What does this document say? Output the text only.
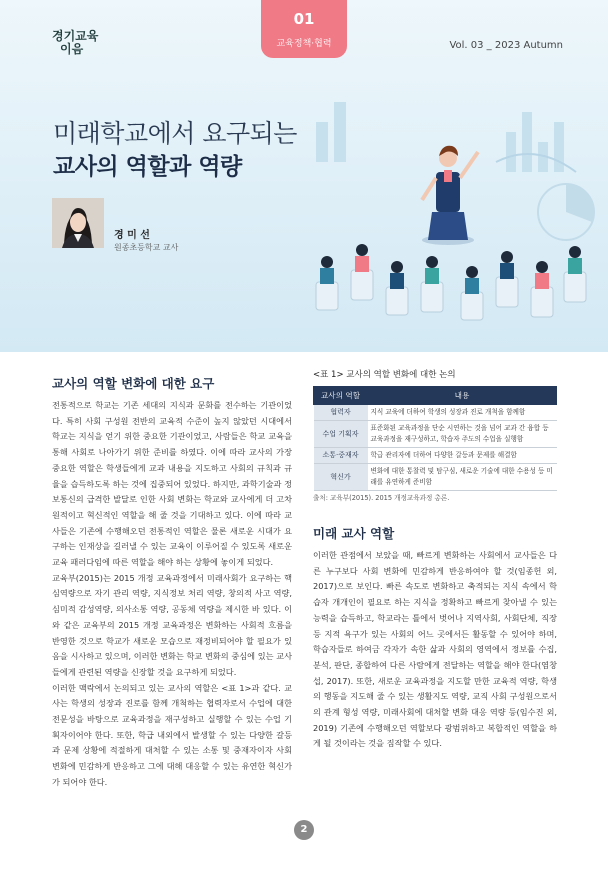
경기교육
이음
01
교육정책·협력	Vol. 03 _ 2023 Autumn
미래학교에서 요구되는
교사의 역할과 역량
경 미 선
원종초등학교 교사
교사의 역할 변화에 대한 요구

전통적으로 학교는 기존 세대의 지식과 문화를 전수하는 기관이었다. 특히 사회 구성원 전반의 교육적 수준이 높지 않았던 시대에서 학교는 지식을 얻기 위한 중요한 기관이었고, 사람들은 학교 교육을 통해 사회로 나아가기 위한 준비를 하였다. 이에 따라 교사의 가장 중요한 역할은 학생들에게 교과 내용을 지도하고 사회의 규칙과 규율을 습득하도록 하는 것에 집중되어 있었다. 하지만, 과학기술과 정보통신의 급격한 발달로 인한 사회 변화는 학교와 교사에게 더 고차원적이고 혁신적인 역할을 해 줄 것을 기대하고 있다. 이에 따라 교사들은 기존에 수행해오던 전통적인 역할은 물론 새로운 시대가 요구하는 인재상을 길러낼 수 있는 교육이 이루어질 수 있도록 새로운 교육 패러다임에 따른 역할을 해야 하는 상황에 놓이게 되었다.

교육부(2015)는 2015 개정 교육과정에서 미래사회가 요구하는 핵심역량으로 자기 관리 역량, 지식정보 처리 역량, 창의적 사고 역량, 심미적 감성역량, 의사소통 역량, 공동체 역량을 제시한 바 있다. 이와 같은 교육부의 2015 개정 교육과정은 변화하는 사회적 흐름을 반영한 것으로 학교가 새로운 모습으로 재정비되어야 할 필요가 있음을 시사하고 있으며, 이러한 변화는 학교 변화의 중심에 있는 교사들에게 관련된 역량을 신장할 것을 요구하게 되었다.

이러한 맥락에서 논의되고 있는 교사의 역할은 <표 1>과 같다. 교사는 학생의 성장과 진로를 함께 개척하는 협력자로서 수업에 대한 전문성을 바탕으로 교육과정을 재구성하고 실행할 수 있는 수업 기획자이어야 한다. 또한, 학급 내외에서 발생할 수 있는 다양한 갈등과 문제 상황에 적절하게 대처할 수 있는 소통 및 중재자이자 사회 변화에 민감하게 반응하고 그에 대해 대응할 수 있는 유연한 혁신가가 되어야 한다.

<표 1> 교사의 역할 변화에 대한 논의
교사의 역할	내용
협력자	지식 교육에 더하여 학생의 성장과 진로 개척을 함께함
수업 기획자	표준화된 교육과정을 단순 시연하는 것을 넘어 교과 간 융합 등 교육과정을 재구성하고, 학습자 주도의 수업을 실행함
소통·중재자	학급 관리자에 더하여 다양한 갈등과 문제를 해결함
혁신가	변화에 대한 통찰력 및 탐구심, 새로운 기술에 대한 수용성 등 미래를 유연하게 준비함
출처: 교육부(2015). 2015 개정교육과정 총론.
미래 교사 역할

이러한 관점에서 보았을 때, 빠르게 변화하는 사회에서 교사들은 다른 누구보다 사회 변화에 민감하게 반응하여야 할 것(임종헌 외, 2017)으로 보인다. 빠른 속도로 변화하고 축적되는 지식 속에서 학습자 개개인이 필요로 하는 지식을 정확하고 빠르게 찾아낼 수 있는 능력을 습득하고, 학교라는 틀에서 벗어나 지역사회, 사회단체, 직장 등 지적 욕구가 있는 사회의 어느 곳에서든 활동할 수 있어야 하며, 학습자들로 하여금 각자가 속한 삶과 사회의 영역에서 정보를 수집, 분석, 판단, 종합하여 다른 사람에게 전달하는 역할을 해야 한다(염창섭, 2017). 또한, 새로운 교육과정을 지도할 만한 교육적 역량, 학생의 행동을 지도해 줄 수 있는 생활지도 역량, 교직 사회 구성원으로서의 관계 형성 역량, 미래사회에 대처할 변화 대응 역량 등(임수진 외, 2019) 기존에 수행해오던 역할보다 광범위하고 복합적인 역할을 하게 될 것이라는 것을 짐작할 수 있다.

2
